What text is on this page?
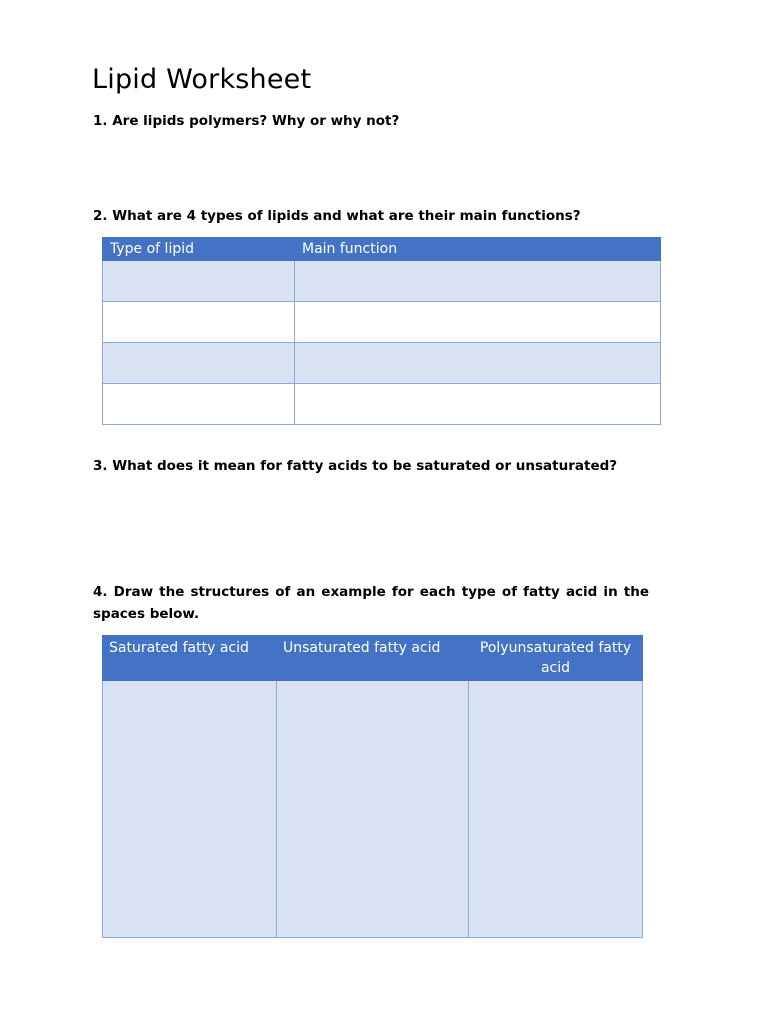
Lipid Worksheet

1. Are lipids polymers? Why or why not?

2. What are 4 types of lipids and what are their main functions?

Type of lipid	Main function

3. What does it mean for fatty acids to be saturated or unsaturated?

4. Draw the structures of an example for each type of fatty acid in the spaces below.

Saturated fatty acid	Unsaturated fatty acid	Polyunsaturated fatty acid
